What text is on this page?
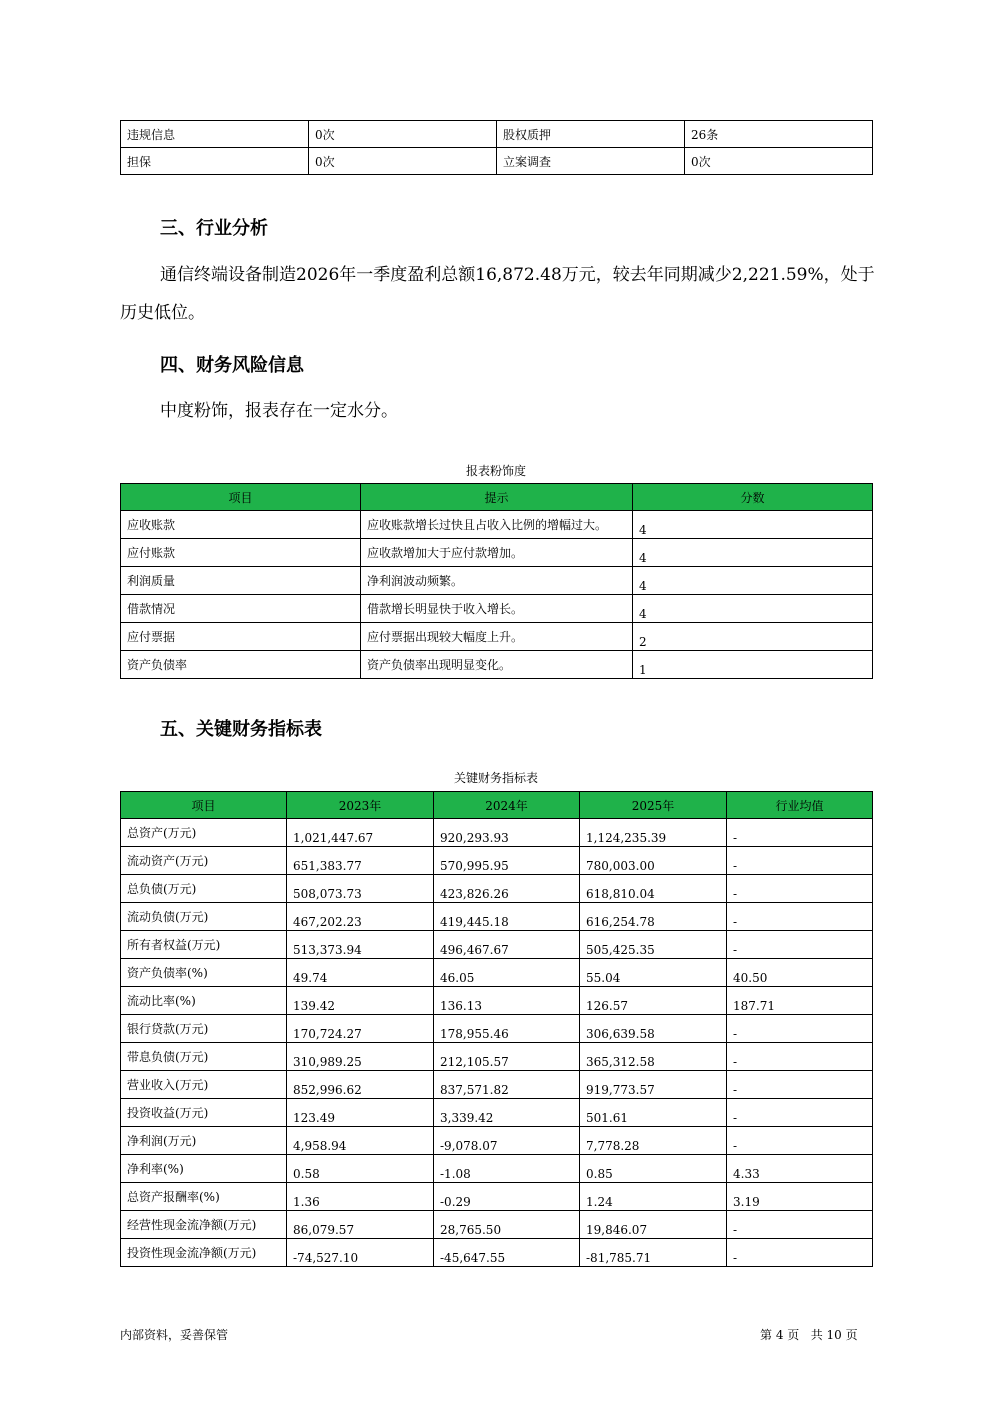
违规信息	0次	股权质押	26条
担保	0次	立案调查	0次
三、行业分析
通信终端设备制造2026年一季度盈利总额16,872.48万元，较去年同期减少2,221.59%，处于历史低位。
四、财务风险信息
中度粉饰，报表存在一定水分。
报表粉饰度
项目	提示	分数
应收账款	应收账款增长过快且占收入比例的增幅过大。	4
应付账款	应收款增加大于应付款增加。	4
利润质量	净利润波动频繁。	4
借款情况	借款增长明显快于收入增长。	4
应付票据	应付票据出现较大幅度上升。	2
资产负债率	资产负债率出现明显变化。	1
五、关键财务指标表
关键财务指标表
项目	2023年	2024年	2025年	行业均值
总资产(万元)	1,021,447.67	920,293.93	1,124,235.39	-
流动资产(万元)	651,383.77	570,995.95	780,003.00	-
总负债(万元)	508,073.73	423,826.26	618,810.04	-
流动负债(万元)	467,202.23	419,445.18	616,254.78	-
所有者权益(万元)	513,373.94	496,467.67	505,425.35	-
资产负债率(%)	49.74	46.05	55.04	40.50
流动比率(%)	139.42	136.13	126.57	187.71
银行贷款(万元)	170,724.27	178,955.46	306,639.58	-
带息负债(万元)	310,989.25	212,105.57	365,312.58	-
营业收入(万元)	852,996.62	837,571.82	919,773.57	-
投资收益(万元)	123.49	3,339.42	501.61	-
净利润(万元)	4,958.94	-9,078.07	7,778.28	-
净利率(%)	0.58	-1.08	0.85	4.33
总资产报酬率(%)	1.36	-0.29	1.24	3.19
经营性现金流净额(万元)	86,079.57	28,765.50	19,846.07	-
投资性现金流净额(万元)	-74,527.10	-45,647.55	-81,785.71	-
内部资料，妥善保管	第 4 页   共 10 页
